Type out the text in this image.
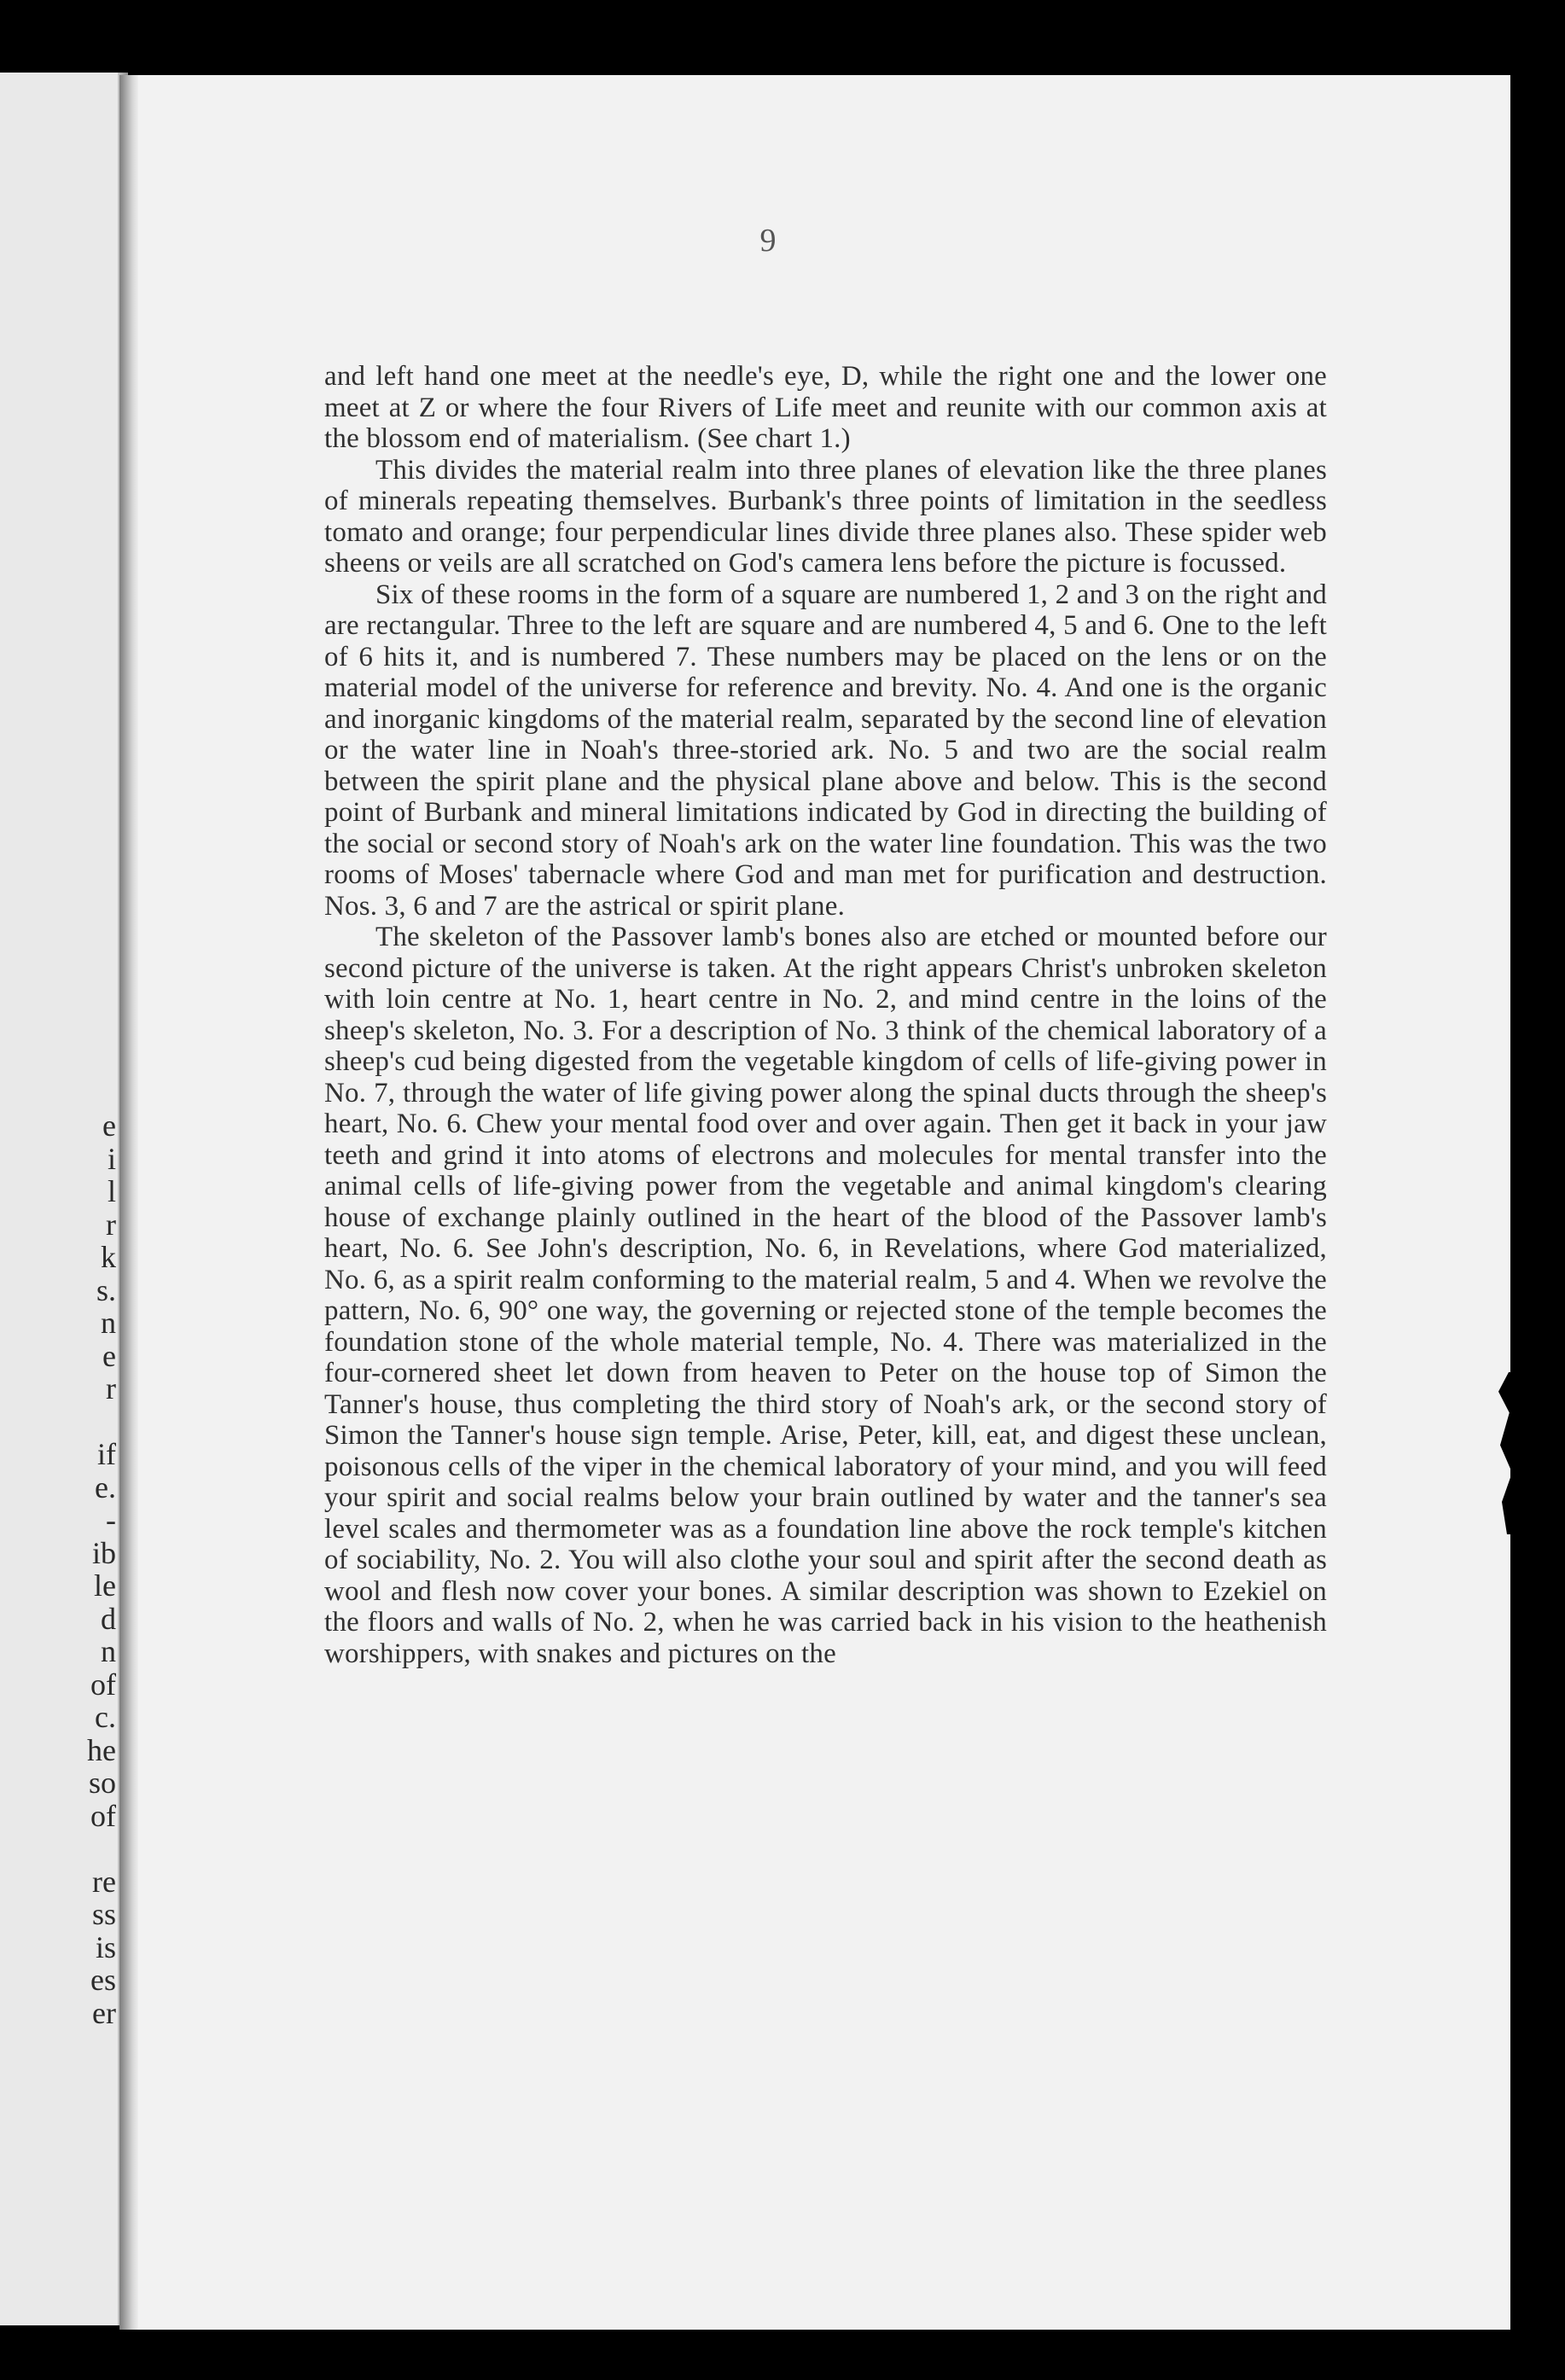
e
i
l
r
k
s.
n
e
r

if
e.
-
ib
le
d
n
of
c.
he
so
of

re
ss
is
es
er
9

and left hand one meet at the needle's eye, D, while the right one and the lower one meet at Z or where the four Rivers of Life meet and reunite with our common axis at the blossom end of materialism. (See chart 1.)

This divides the material realm into three planes of elevation like the three planes of minerals repeating themselves. Burbank's three points of limitation in the seedless tomato and orange; four perpendicular lines divide three planes also. These spider web sheens or veils are all scratched on God's camera lens before the picture is focussed.

Six of these rooms in the form of a square are numbered 1, 2 and 3 on the right and are rectangular. Three to the left are square and are numbered 4, 5 and 6. One to the left of 6 hits it, and is numbered 7. These numbers may be placed on the lens or on the material model of the universe for reference and brevity. No. 4. And one is the organic and inorganic kingdoms of the material realm, separated by the second line of elevation or the water line in Noah's three-storied ark. No. 5 and two are the social realm between the spirit plane and the physical plane above and below. This is the second point of Burbank and mineral limitations indicated by God in directing the building of the social or second story of Noah's ark on the water line foundation. This was the two rooms of Moses' tabernacle where God and man met for purification and destruction. Nos. 3, 6 and 7 are the astrical or spirit plane.

The skeleton of the Passover lamb's bones also are etched or mounted before our second picture of the universe is taken. At the right appears Christ's unbroken skeleton with loin centre at No. 1, heart centre in No. 2, and mind centre in the loins of the sheep's skeleton, No. 3. For a description of No. 3 think of the chemical laboratory of a sheep's cud being digested from the vegetable kingdom of cells of life-giving power in No. 7, through the water of life giving power along the spinal ducts through the sheep's heart, No. 6. Chew your mental food over and over again. Then get it back in your jaw teeth and grind it into atoms of electrons and molecules for mental transfer into the animal cells of life-giving power from the vegetable and animal kingdom's clearing house of exchange plainly outlined in the heart of the blood of the Passover lamb's heart, No. 6. See John's description, No. 6, in Revelations, where God materialized, No. 6, as a spirit realm conforming to the material realm, 5 and 4. When we revolve the pattern, No. 6, 90° one way, the governing or rejected stone of the temple becomes the foundation stone of the whole material temple, No. 4. There was materialized in the four-cornered sheet let down from heaven to Peter on the house top of Simon the Tanner's house, thus completing the third story of Noah's ark, or the second story of Simon the Tanner's house sign temple. Arise, Peter, kill, eat, and digest these unclean, poisonous cells of the viper in the chemical laboratory of your mind, and you will feed your spirit and social realms below your brain outlined by water and the tanner's sea level scales and thermometer was as a foundation line above the rock temple's kitchen of sociability, No. 2. You will also clothe your soul and spirit after the second death as wool and flesh now cover your bones. A similar description was shown to Ezekiel on the floors and walls of No. 2, when he was carried back in his vision to the heathenish worshippers, with snakes and pictures on the
